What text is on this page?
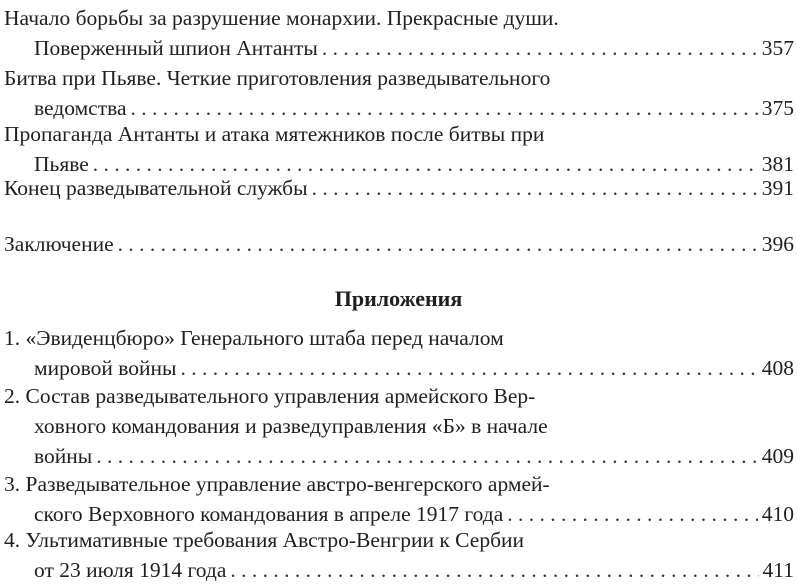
Начало борьбы за разрушение монархии. Прекрасные души.
Поверженный шпион Антанты . . .	357
Битва при Пьяве. Четкие приготовления разведывательного
ведомства . . .	375
Пропаганда Антанты и атака мятежников после битвы при
Пьяве . . .	381
Конец разведывательной службы . . .	391
Заключение . . .	396
Приложения
1. «Эвиденцбюро» Генерального штаба перед началом
мировой войны . . .	408
2. Состав разведывательного управления армейского Вер-
ховного командования и разведуправления «Б» в начале
войны . . .	409
3. Разведывательное управление австро-венгерского армей-
ского Верховного командования в апреле 1917 года . . .	410
4. Ультимативные требования Австро-Венгрии к Сербии
от 23 июля 1914 года . . .	411
